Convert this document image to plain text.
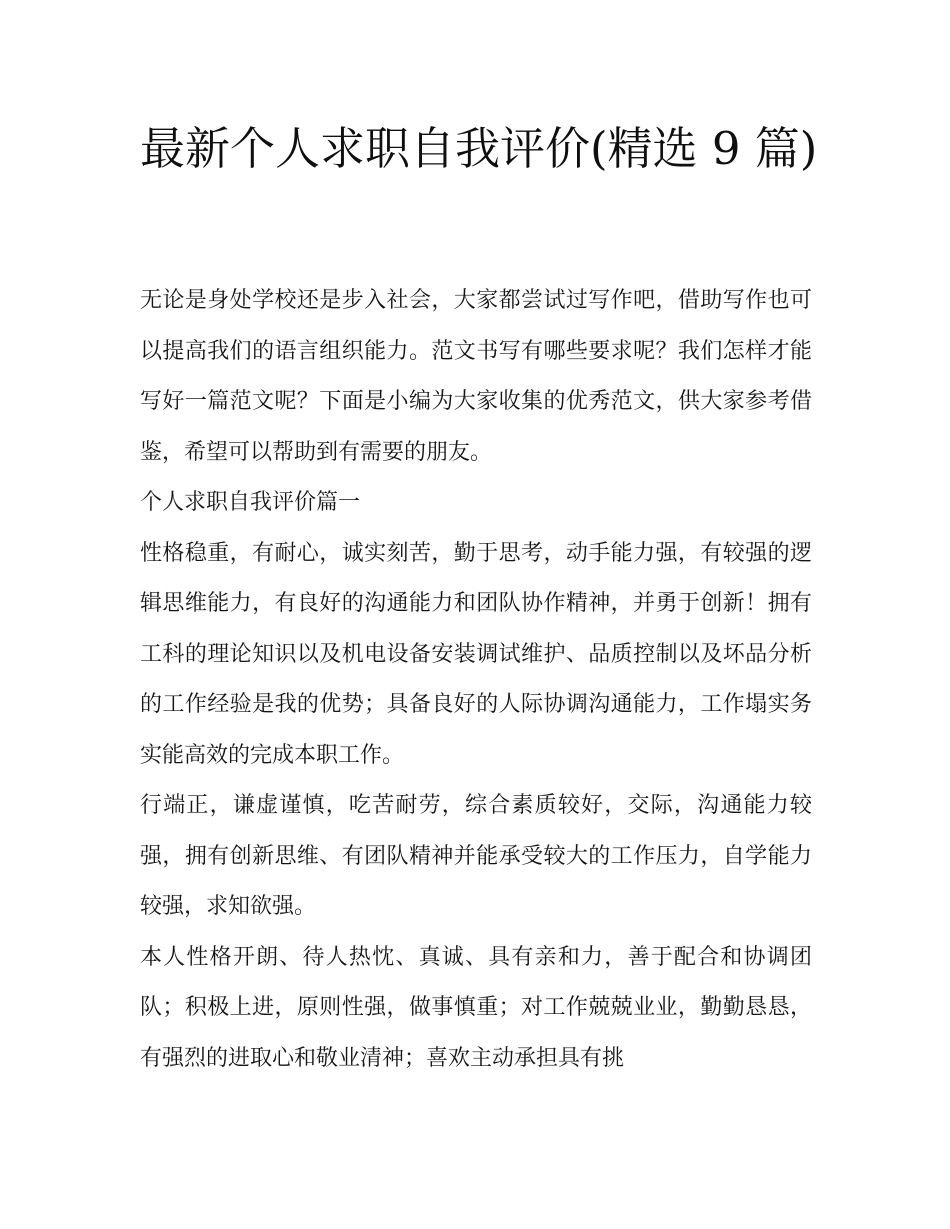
最新个人求职自我评价(精选 9 篇)

无论是身处学校还是步入社会，大家都尝试过写作吧，借助写作也可以提高我们的语言组织能力。范文书写有哪些要求呢？我们怎样才能写好一篇范文呢？下面是小编为大家收集的优秀范文，供大家参考借鉴，希望可以帮助到有需要的朋友。

个人求职自我评价篇一

性格稳重，有耐心，诚实刻苦，勤于思考，动手能力强，有较强的逻辑思维能力，有良好的沟通能力和团队协作精神，并勇于创新！拥有工科的理论知识以及机电设备安装调试维护、品质控制以及坏品分析的工作经验是我的优势；具备良好的人际协调沟通能力，工作塌实务实能高效的完成本职工作。

行端正，谦虚谨慎，吃苦耐劳，综合素质较好，交际，沟通能力较强，拥有创新思维、有团队精神并能承受较大的工作压力，自学能力较强，求知欲强。

本人性格开朗、待人热忱、真诚、具有亲和力，善于配合和协调团队；积极上进，原则性强，做事慎重；对工作兢兢业业，勤勤恳恳，有强烈的进取心和敬业清神；喜欢主动承担具有挑
